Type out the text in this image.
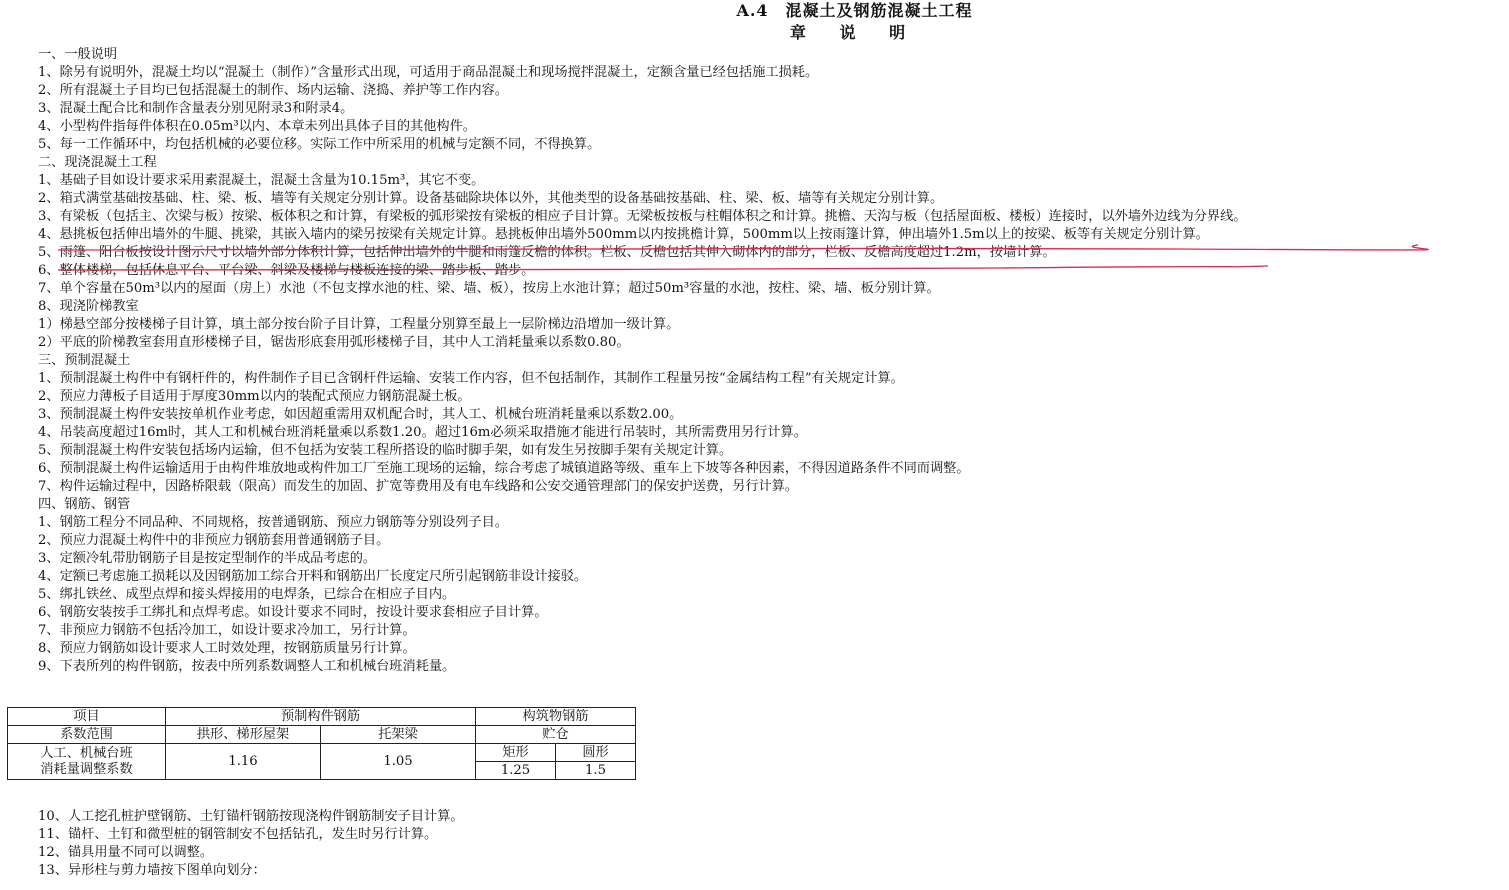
A.4　混凝土及钢筋混凝土工程
章 说 明
一、一般说明
1、除另有说明外，混凝土均以“混凝土（制作）”含量形式出现，可适用于商品混凝土和现场搅拌混凝土，定额含量已经包括施工损耗。
2、所有混凝土子目均已包括混凝土的制作、场内运输、浇捣、养护等工作内容。
3、混凝土配合比和制作含量表分别见附录3和附录4。
4、小型构件指每件体积在0.05m³以内、本章未列出具体子目的其他构件。
5、每一工作循环中，均包括机械的必要位移。实际工作中所采用的机械与定额不同，不得换算。
二、现浇混凝土工程
1、基础子目如设计要求采用素混凝土，混凝土含量为10.15m³，其它不变。
2、箱式满堂基础按基础、柱、梁、板、墙等有关规定分别计算。设备基础除块体以外，其他类型的设备基础按基础、柱、梁、板、墙等有关规定分别计算。
3、有梁板（包括主、次梁与板）按梁、板体积之和计算，有梁板的弧形梁按有梁板的相应子目计算。无梁板按板与柱帽体积之和计算。挑檐、天沟与板（包括屋面板、楼板）连接时，以外墙外边线为分界线。
4、悬挑板包括伸出墙外的牛腿、挑梁，其嵌入墙内的梁另按梁有关规定计算。悬挑板伸出墙外500mm以内按挑檐计算，500mm以上按雨篷计算，伸出墙外1.5m以上的按梁、板等有关规定分别计算。
5、雨篷、阳台板按设计图示尺寸以墙外部分体积计算，包括伸出墙外的牛腿和雨篷反檐的体积。栏板、反檐包括其伸入砌体内的部分，栏板、反檐高度超过1.2m，按墙计算。
6、整体楼梯，包括休息平台、平台梁、斜梁及楼梯与楼板连接的梁、踏步板、踏步。
7、单个容量在50m³以内的屋面（房上）水池（不包支撑水池的柱、梁、墙、板），按房上水池计算；超过50m³容量的水池，按柱、梁、墙、板分别计算。
8、现浇阶梯教室
1）梯悬空部分按楼梯子目计算，填土部分按台阶子目计算，工程量分别算至最上一层阶梯边沿增加一级计算。
2）平底的阶梯教室套用直形楼梯子目，锯齿形底套用弧形楼梯子目，其中人工消耗量乘以系数0.80。
三、预制混凝土
1、预制混凝土构件中有钢杆件的，构件制作子目已含钢杆件运输、安装工作内容，但不包括制作，其制作工程量另按“金属结构工程”有关规定计算。
2、预应力薄板子目适用于厚度30mm以内的装配式预应力钢筋混凝土板。
3、预制混凝土构件安装按单机作业考虑，如因超重需用双机配合时，其人工、机械台班消耗量乘以系数2.00。
4、吊装高度超过16m时，其人工和机械台班消耗量乘以系数1.20。超过16m必须采取措施才能进行吊装时，其所需费用另行计算。
5、预制混凝土构件安装包括场内运输，但不包括为安装工程所搭设的临时脚手架，如有发生另按脚手架有关规定计算。
6、预制混凝土构件运输适用于由构件堆放地或构件加工厂至施工现场的运输，综合考虑了城镇道路等级、重车上下坡等各种因素，不得因道路条件不同而调整。
7、构件运输过程中，因路桥限载（限高）而发生的加固、扩宽等费用及有电车线路和公安交通管理部门的保安护送费，另行计算。
四、钢筋、钢管
1、钢筋工程分不同品种、不同规格，按普通钢筋、预应力钢筋等分别设列子目。
2、预应力混凝土构件中的非预应力钢筋套用普通钢筋子目。
3、定额冷轧带肋钢筋子目是按定型制作的半成品考虑的。
4、定额已考虑施工损耗以及因钢筋加工综合开料和钢筋出厂长度定尺所引起钢筋非设计接驳。
5、绑扎铁丝、成型点焊和接头焊接用的电焊条，已综合在相应子目内。
6、钢筋安装按手工绑扎和点焊考虑。如设计要求不同时，按设计要求套相应子目计算。
7、非预应力钢筋不包括冷加工，如设计要求冷加工，另行计算。
8、预应力钢筋如设计要求人工时效处理，按钢筋质量另行计算。
9、下表所列的构件钢筋，按表中所列系数调整人工和机械台班消耗量。
项目	预制构件钢筋		构筑物钢筋	
系数范围	拱形、梯形屋架	托架梁	贮仓	

人工、机械台班
消耗量调整系数	1.16	1.05	矩形	圆形
			1.25	1.5
10、人工挖孔桩护壁钢筋、土钉锚杆钢筋按现浇构件钢筋制安子目计算。
11、锚杆、土钉和微型桩的钢管制安不包括钻孔，发生时另行计算。
12、锚具用量不同可以调整。
13、异形柱与剪力墙按下图单向划分：
